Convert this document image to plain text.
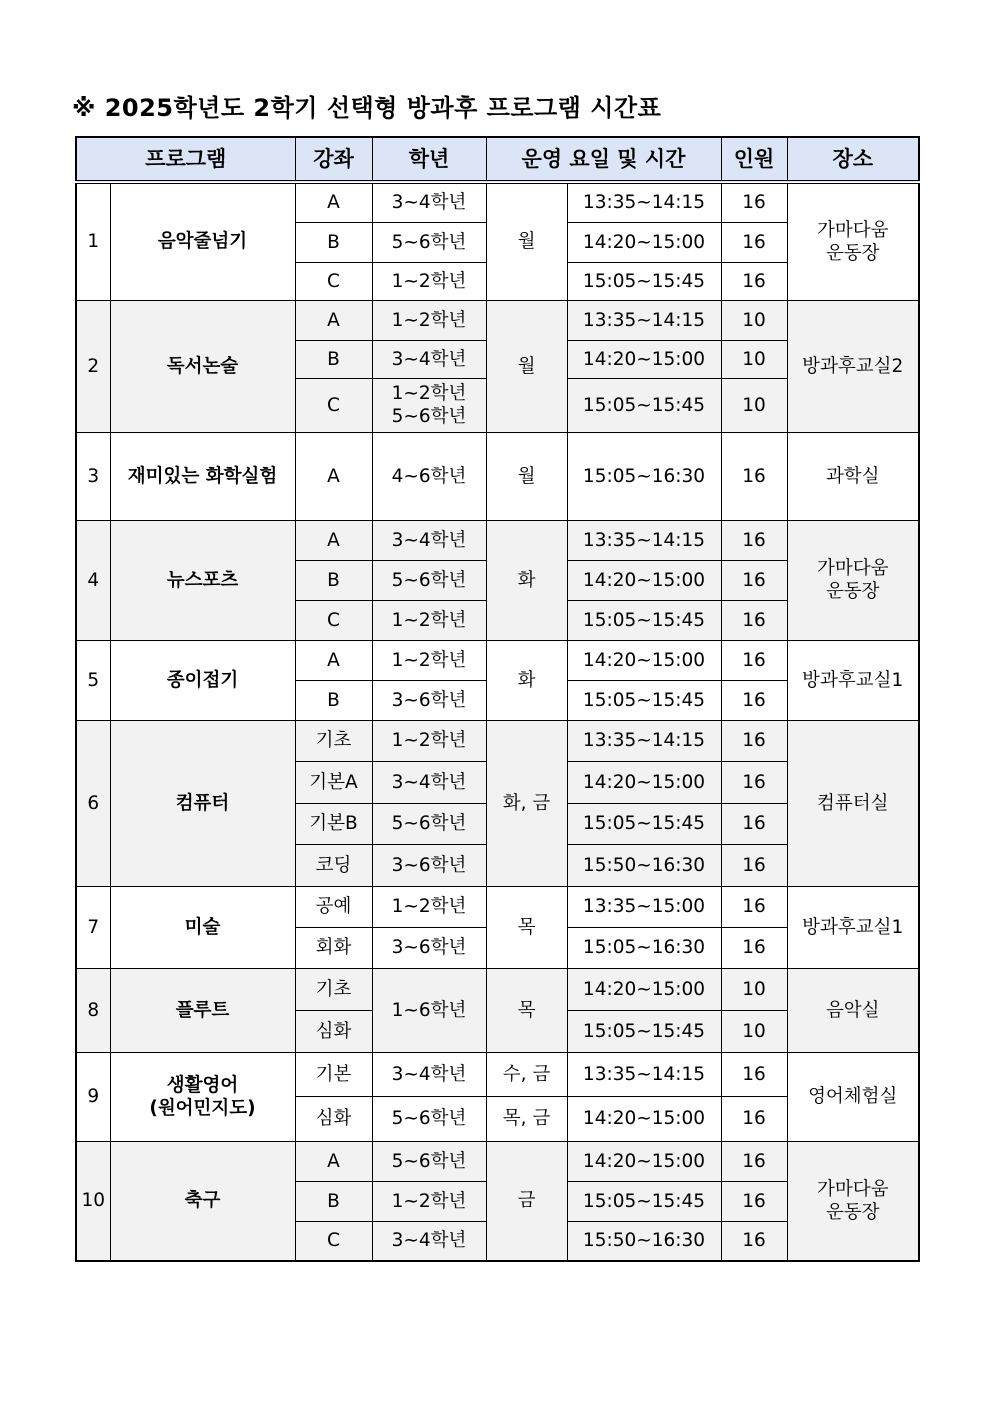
※ 2025학년도 2학기 선택형 방과후 프로그램 시간표
프로그램		강좌	학년	운영 요일 및 시간		인원	장소
1	음악줄넘기	A	3~4학년	월	13:35~14:15	16	가마다움
운동장
		B	5~6학년		14:20~15:00	16	
		C	1~2학년		15:05~15:45	16	
2	독서논술	A	1~2학년	월	13:35~14:15	10	방과후교실2
		B	3~4학년		14:20~15:00	10	
		C	1~2학년
5~6학년		15:05~15:45	10	
3	재미있는 화학실험	A	4~6학년	월	15:05~16:30	16	과학실
4	뉴스포츠	A	3~4학년	화	13:35~14:15	16	가마다움
운동장
		B	5~6학년		14:20~15:00	16	
		C	1~2학년		15:05~15:45	16	
5	종이접기	A	1~2학년	화	14:20~15:00	16	방과후교실1
		B	3~6학년		15:05~15:45	16	
6	컴퓨터	기초	1~2학년	화, 금	13:35~14:15	16	컴퓨터실
		기본A	3~4학년		14:20~15:00	16	
		기본B	5~6학년		15:05~15:45	16	
		코딩	3~6학년		15:50~16:30	16	
7	미술	공예	1~2학년	목	13:35~15:00	16	방과후교실1
		회화	3~6학년		15:05~16:30	16	
8	플루트	기초	1~6학년	목	14:20~15:00	10	음악실
		심화			15:05~15:45	10	
9	생활영어
(원어민지도)	기본	3~4학년	수, 금	13:35~14:15	16	영어체험실
		심화	5~6학년	목, 금	14:20~15:00	16	
10	축구	A	5~6학년	금	14:20~15:00	16	가마다움
운동장
		B	1~2학년		15:05~15:45	16	
		C	3~4학년		15:50~16:30	16	
